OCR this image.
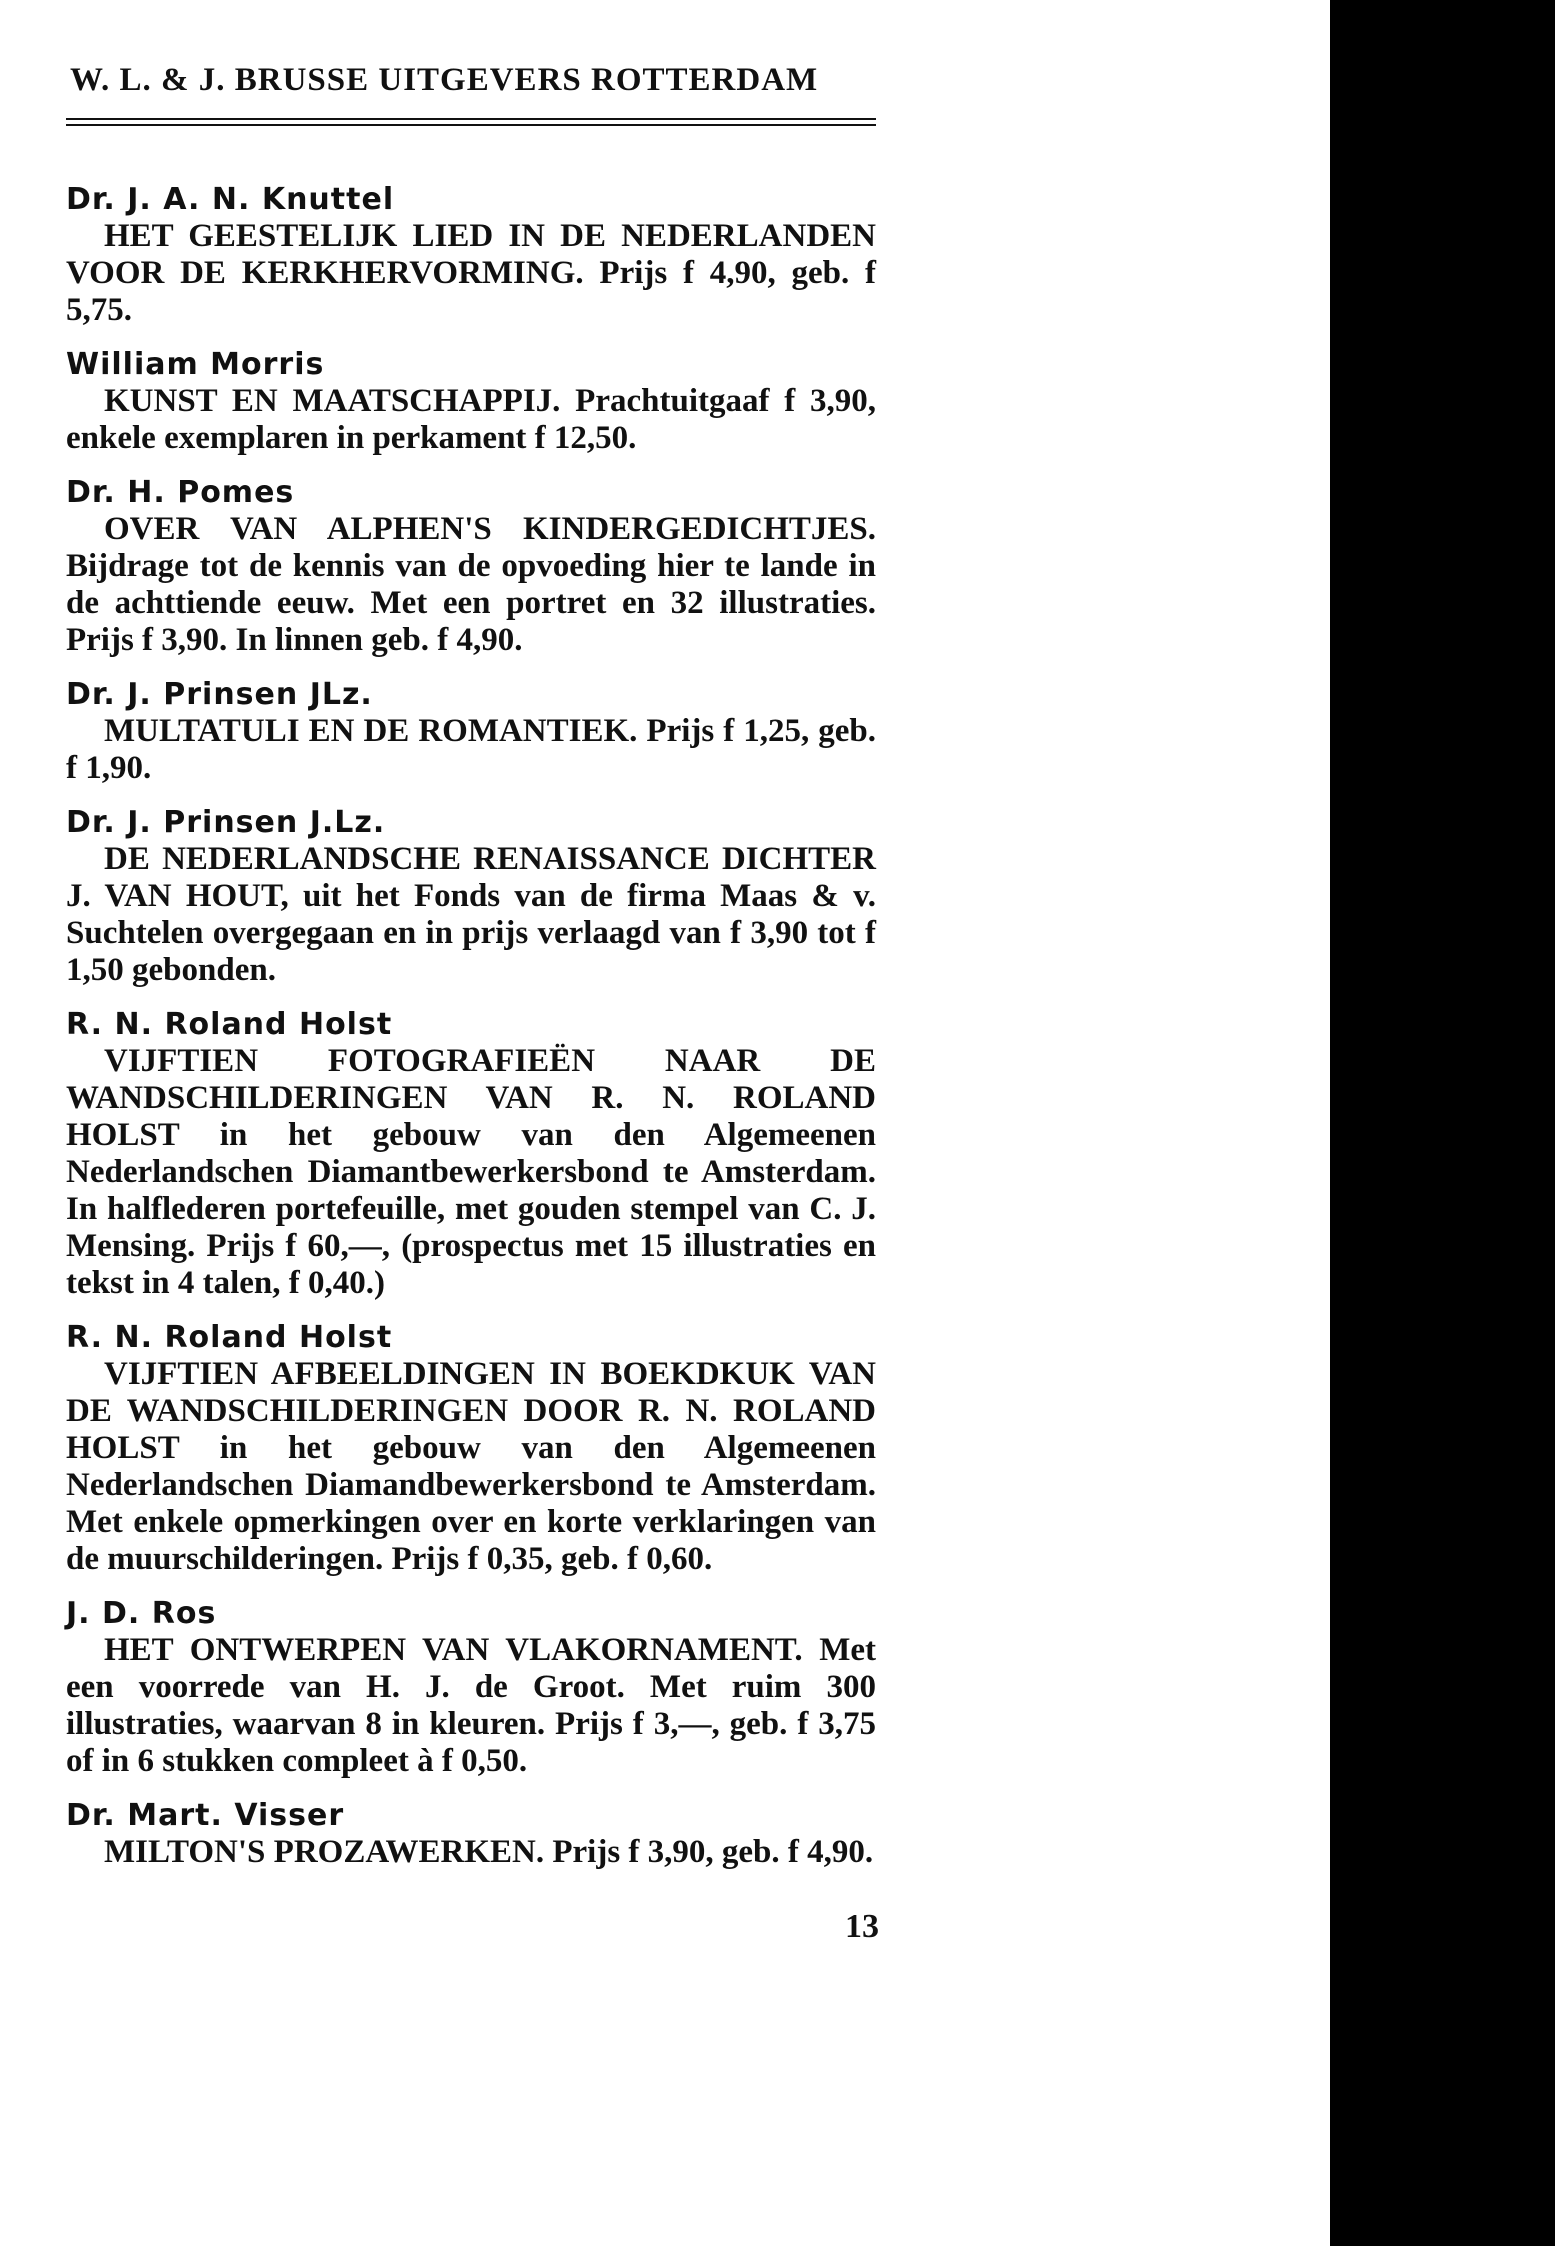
W. L. & J. BRUSSE UITGEVERS ROTTERDAM
Dr. J. A. N. Knuttel
HET GEESTELIJK LIED IN DE NEDERLANDEN VOOR DE KERKHERVORMING. Prijs f 4,90, geb. f 5,75.
William Morris
KUNST EN MAATSCHAPPIJ. Prachtuitgaaf f 3,90, enkele exemplaren in perkament f 12,50.
Dr. H. Pomes
OVER VAN ALPHEN'S KINDERGEDICHTJES. Bijdrage tot de kennis van de opvoeding hier te lande in de achttiende eeuw. Met een portret en 32 illustraties. Prijs f 3,90. In linnen geb. f 4,90.
Dr. J. Prinsen JLz.
MULTATULI EN DE ROMANTIEK. Prijs f 1,25, geb. f 1,90.
Dr. J. Prinsen J.Lz.
DE NEDERLANDSCHE RENAISSANCE DICHTER J. VAN HOUT, uit het Fonds van de firma Maas & v. Suchtelen overgegaan en in prijs verlaagd van f 3,90 tot f 1,50 gebonden.
R. N. Roland Holst
VIJFTIEN FOTOGRAFIEËN NAAR DE WANDSCHILDERINGEN VAN R. N. ROLAND HOLST in het gebouw van den Algemeenen Nederlandschen Diamantbewerkersbond te Amsterdam. In halflederen portefeuille, met gouden stempel van C. J. Mensing. Prijs f 60,—, (prospectus met 15 illustraties en tekst in 4 talen, f 0,40.)
R. N. Roland Holst
VIJFTIEN AFBEELDINGEN IN BOEKDKUK VAN DE WANDSCHILDERINGEN DOOR R. N. ROLAND HOLST in het gebouw van den Algemeenen Nederlandschen Diamandbewerkersbond te Amsterdam. Met enkele opmerkingen over en korte verklaringen van de muurschilderingen. Prijs f 0,35, geb. f 0,60.
J. D. Ros
HET ONTWERPEN VAN VLAKORNAMENT. Met een voorrede van H. J. de Groot. Met ruim 300 illustraties, waarvan 8 in kleuren. Prijs f 3,—, geb. f 3,75 of in 6 stukken compleet à f 0,50.
Dr. Mart. Visser
MILTON'S PROZAWERKEN. Prijs f 3,90, geb. f 4,90.
13
